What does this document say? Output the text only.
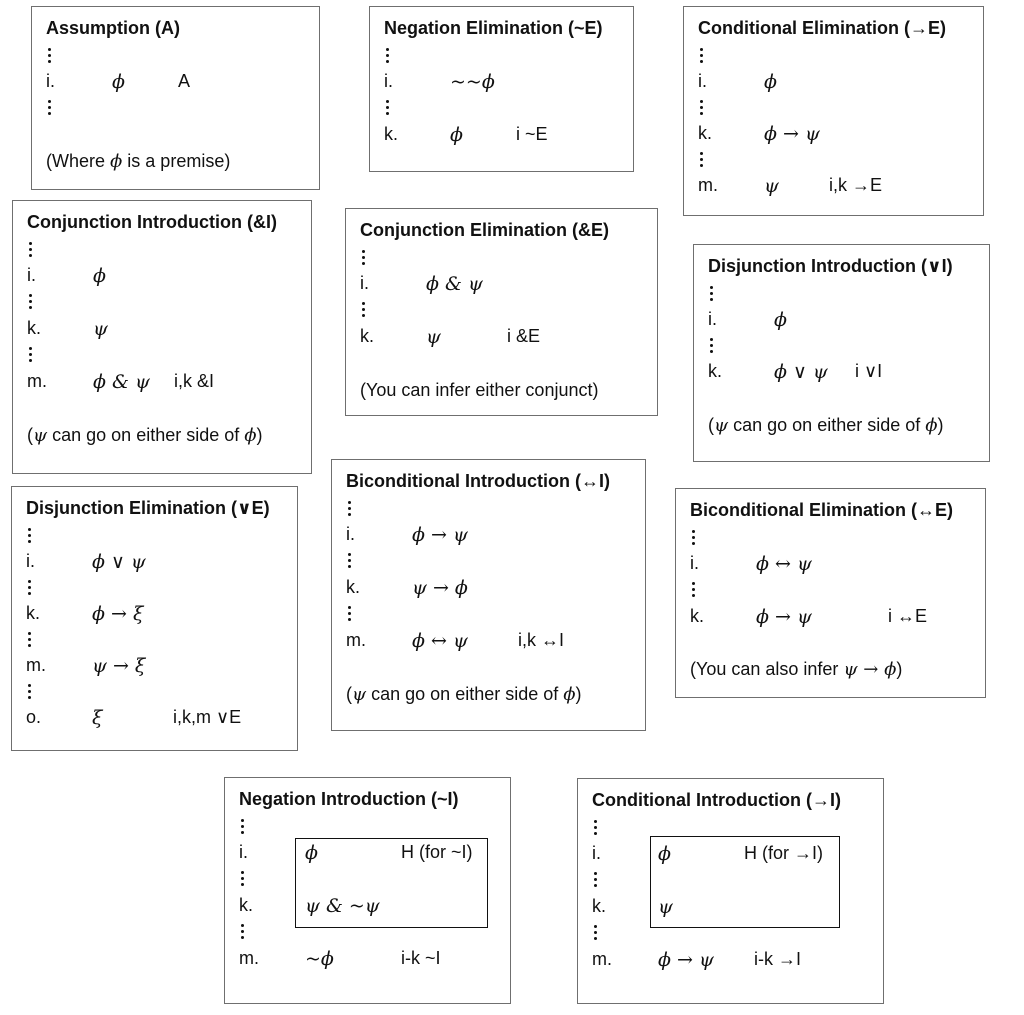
Assumption (A)
i.	ϕ	A
(Where ϕ is a premise)
Negation Elimination (~E)
i.	~~ϕ
k.	ϕ	i ~E
Conditional Elimination (→E)
i.	ϕ
k.	ϕ → ψ
m. ψ	i,k →E
Conjunction Introduction (&I)
i.	ϕ
k.	ψ
m. ϕ & ψ i,k &I
(ψ can go on either side of ϕ)
Conjunction Elimination (&E)
i.	ϕ & ψ
k.	ψ	i &E
(You can infer either conjunct)
Disjunction Introduction (∨I)
i.	ϕ
k.	ϕ ∨ ψ i ∨I
(ψ can go on either side of ϕ)
Disjunction Elimination (∨E)
i.	ϕ ∨ ψ
k.	ϕ → ξ
m. ψ → ξ
o.	ξ	i,k,m ∨E
Biconditional Introduction (↔I)
i.	ϕ → ψ
k.	ψ → ϕ
m. ϕ ↔ ψ	i,k ↔I
(ψ can go on either side of ϕ)
Biconditional Elimination (↔E)
i.	ϕ ↔ ψ
k.	ϕ → ψ	i ↔E
(You can also infer ψ → ϕ)
Negation Introduction (~I)
i.	ϕ	H (for ~I)
k.	ψ & ~ψ
m. ~ϕ	i-k ~I
Conditional Introduction (→I)
i.	ϕ	H (for →I)
k.	ψ
m. ϕ → ψ i-k →I
